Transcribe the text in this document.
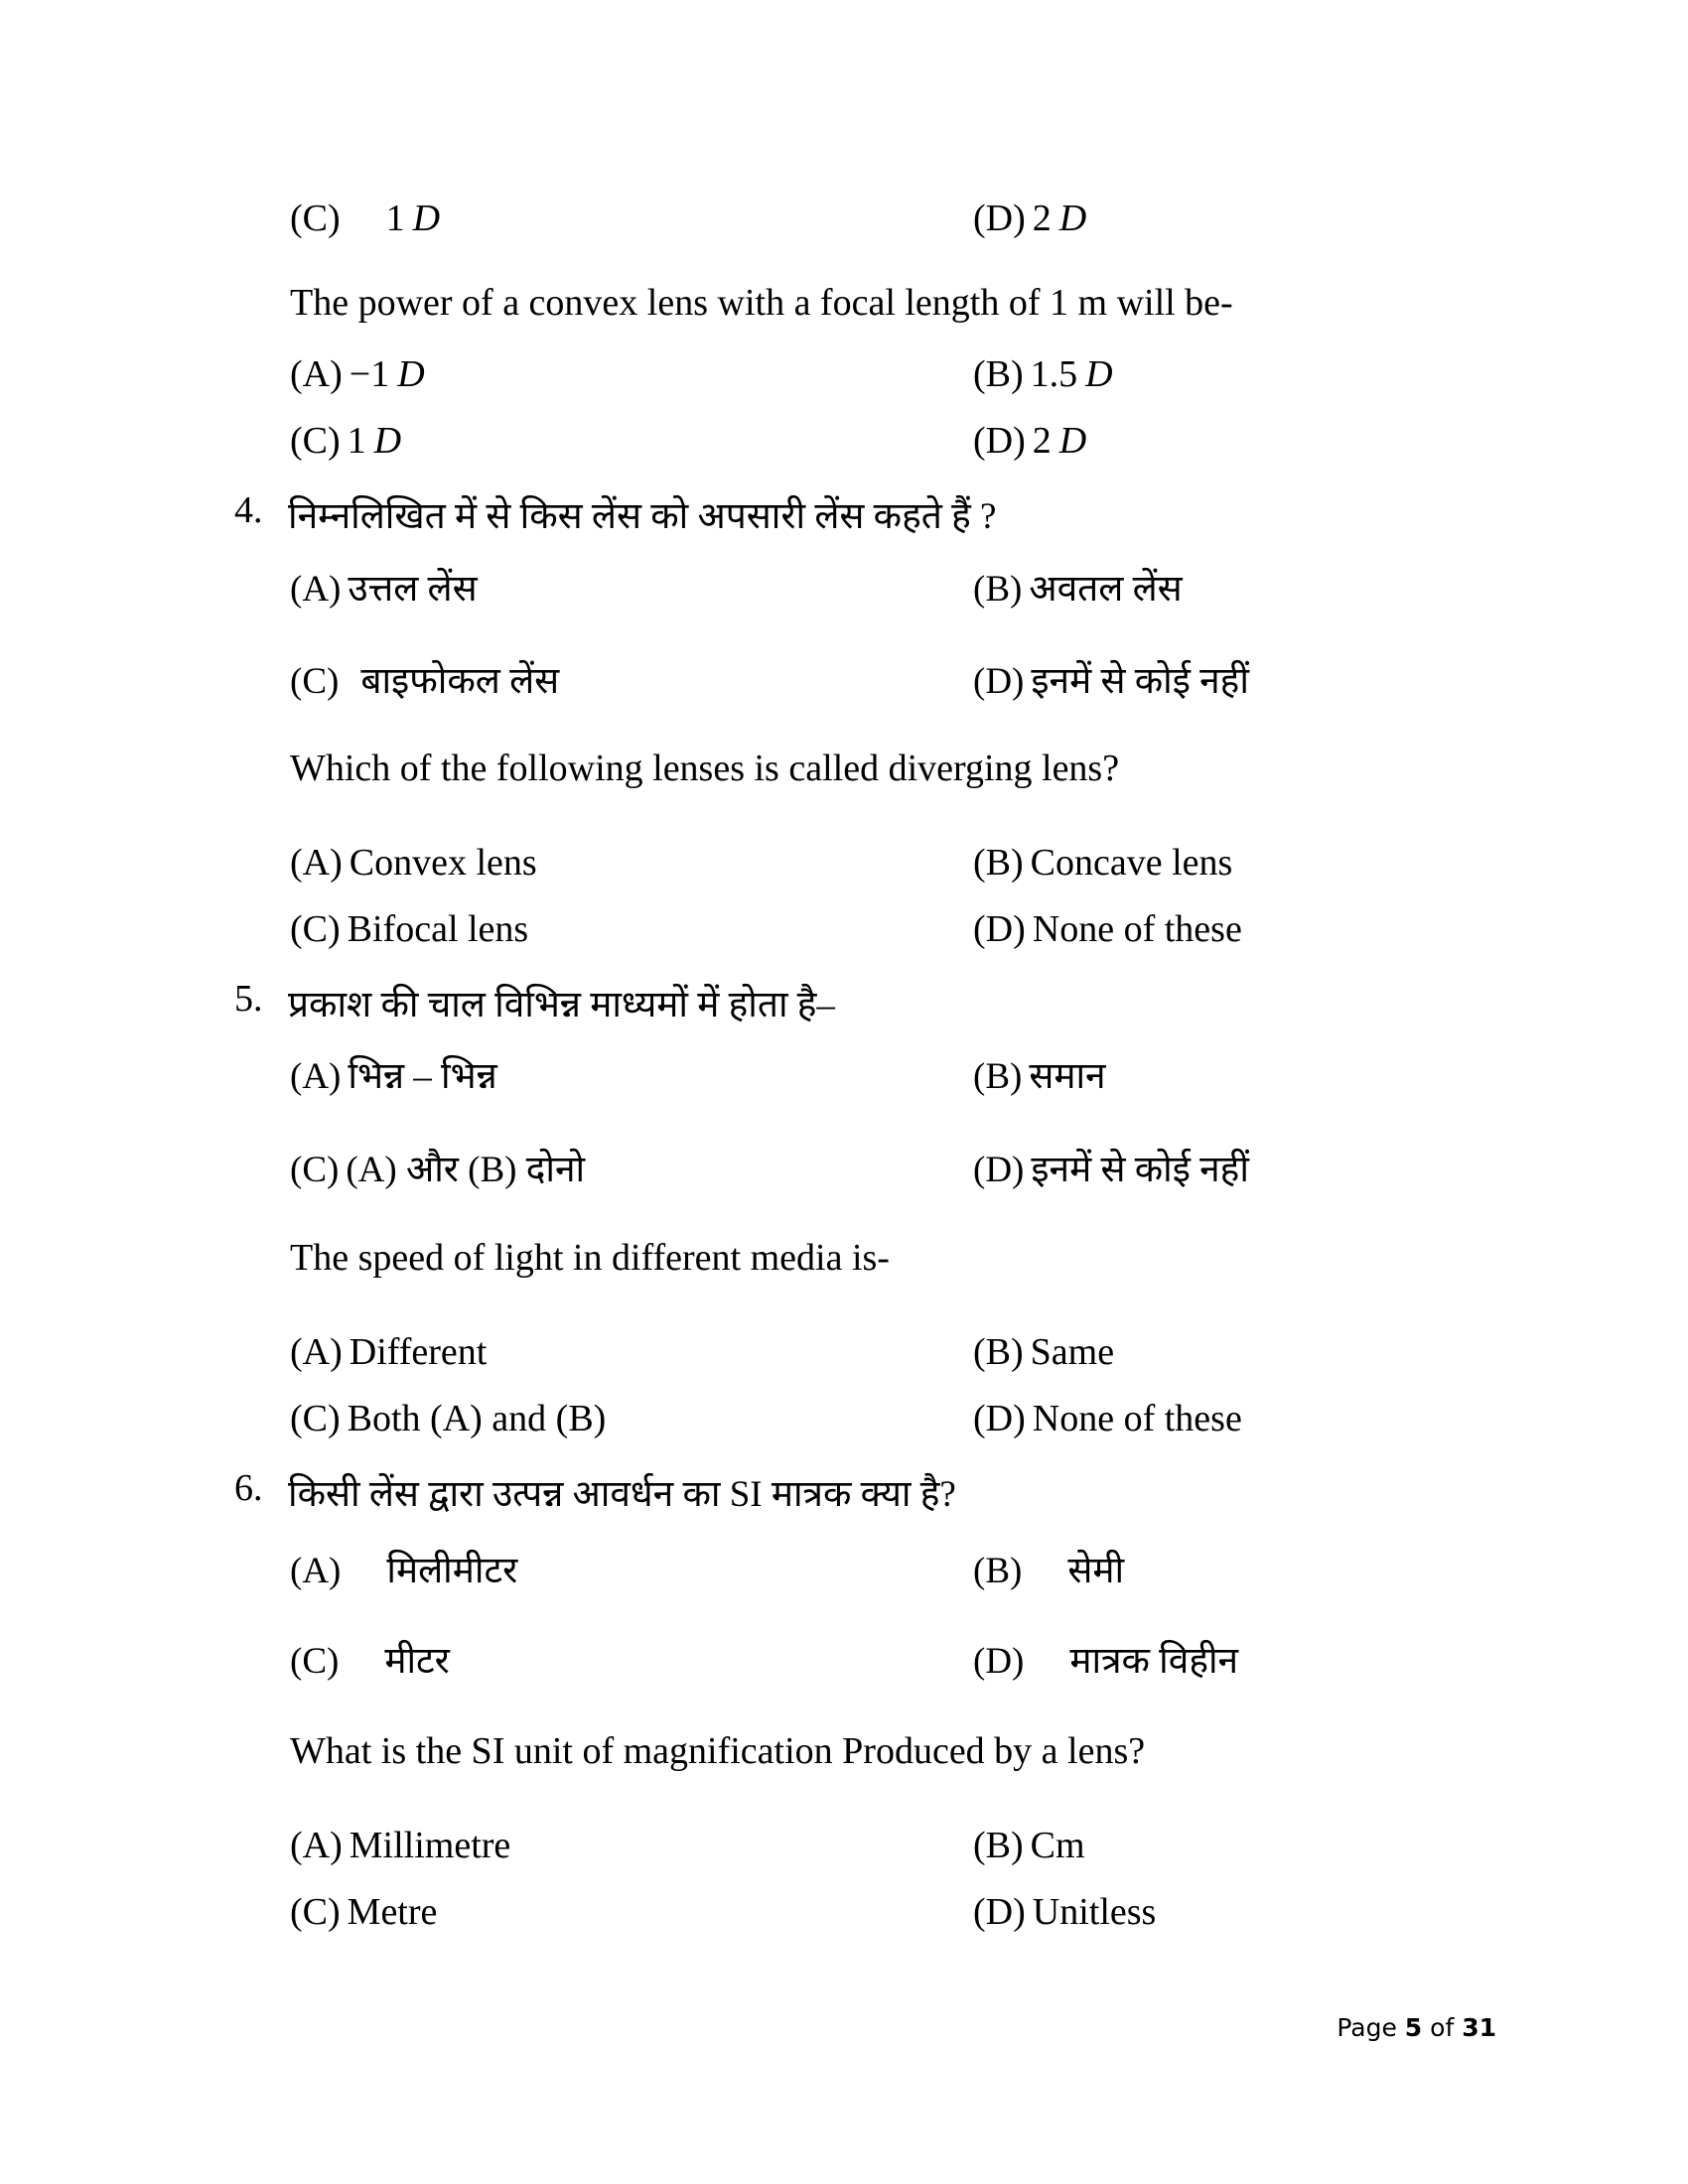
(C) 1 D	(D) 2 D
The power of a convex lens with a focal length of 1 m will be-
(A) −1 D	(B) 1.5 D
(C) 1 D	(D) 2 D
4. निम्नलिखित में से किस लेंस को अपसारी लेंस कहते हैं ?
(A) उत्तल लेंस	(B) अवतल लेंस
(C) बाइफोकल लेंस	(D) इनमें से कोई नहीं
Which of the following lenses is called diverging lens?
(A) Convex lens	(B) Concave lens
(C) Bifocal lens	(D) None of these
5. प्रकाश की चाल विभिन्न माध्यमों में होता है–
(A) भिन्न – भिन्न	(B) समान
(C) (A) और (B) दोनो	(D) इनमें से कोई नहीं
The speed of light in different media is-
(A) Different	(B) Same
(C) Both (A) and (B)	(D) None of these
6. किसी लेंस द्वारा उत्पन्न आवर्धन का SI मात्रक क्या है?
(A) मिलीमीटर	(B) सेमी
(C) मीटर	(D) मात्रक विहीन
What is the SI unit of magnification Produced by a lens?
(A) Millimetre	(B) Cm
(C) Metre	(D) Unitless
Page 5 of 31
